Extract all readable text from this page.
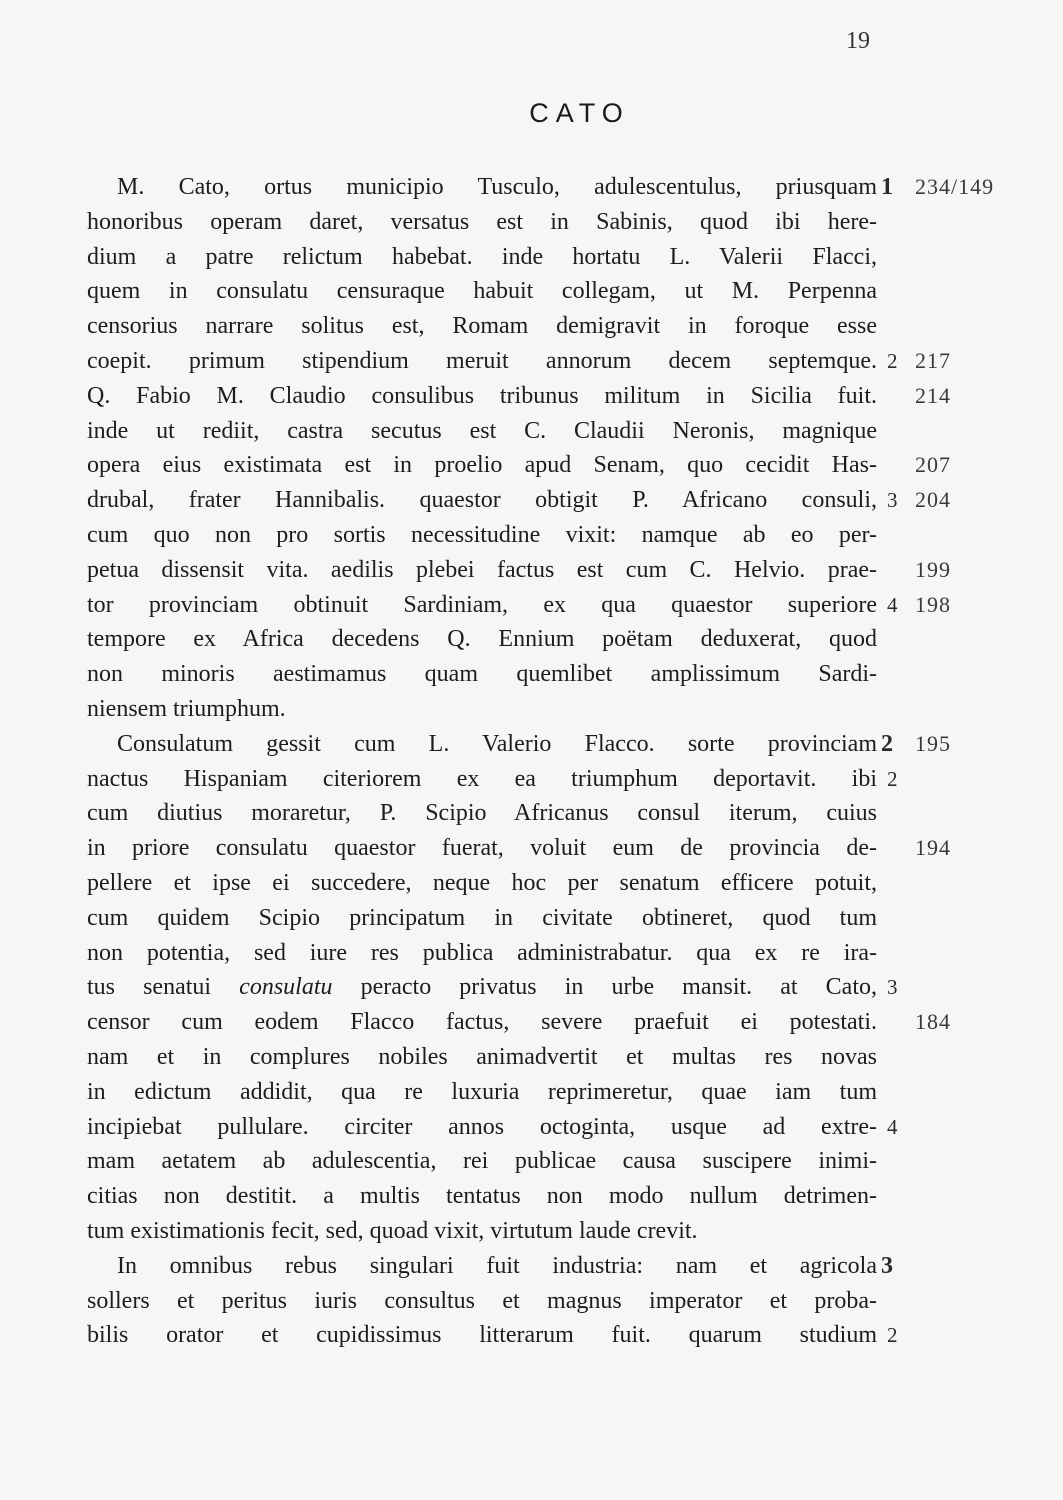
19
CATO
M. Cato, ortus municipio Tusculo, adulescentulus, priusquam 1 234/149
honoribus operam daret, versatus est in Sabinis, quod ibi here-
dium a patre relictum habebat. inde hortatu L. Valerii Flacci,
quem in consulatu censuraque habuit collegam, ut M. Perpenna
censorius narrare solitus est, Romam demigravit in foroque esse
coepit. primum stipendium meruit annorum decem septemque. 2 217
Q. Fabio M. Claudio consulibus tribunus militum in Sicilia fuit. 214
inde ut rediit, castra secutus est C. Claudii Neronis, magnique
opera eius existimata est in proelio apud Senam, quo cecidit Has- 207
drubal, frater Hannibalis. quaestor obtigit P. Africano consuli, 3 204
cum quo non pro sortis necessitudine vixit: namque ab eo per-
petua dissensit vita. aedilis plebei factus est cum C. Helvio. prae- 199
tor provinciam obtinuit Sardiniam, ex qua quaestor superiore 4 198
tempore ex Africa decedens Q. Ennium poëtam deduxerat, quod
non minoris aestimamus quam quemlibet amplissimum Sardi-
niensem triumphum.
Consulatum gessit cum L. Valerio Flacco. sorte provinciam 2 195
nactus Hispaniam citeriorem ex ea triumphum deportavit. ibi 2
cum diutius moraretur, P. Scipio Africanus consul iterum, cuius
in priore consulatu quaestor fuerat, voluit eum de provincia de- 194
pellere et ipse ei succedere, neque hoc per senatum efficere potuit,
cum quidem Scipio principatum in civitate obtineret, quod tum
non potentia, sed iure res publica administrabatur. qua ex re ira-
tus senatui consulatu peracto privatus in urbe mansit. at Cato, 3
censor cum eodem Flacco factus, severe praefuit ei potestati. 184
nam et in complures nobiles animadvertit et multas res novas
in edictum addidit, qua re luxuria reprimeretur, quae iam tum
incipiebat pullulare. circiter annos octoginta, usque ad extre- 4
mam aetatem ab adulescentia, rei publicae causa suscipere inimi-
citias non destitit. a multis tentatus non modo nullum detrimen-
tum existimationis fecit, sed, quoad vixit, virtutum laude crevit.
In omnibus rebus singulari fuit industria: nam et agricola 3
sollers et peritus iuris consultus et magnus imperator et proba-
bilis orator et cupidissimus litterarum fuit. quarum studium 2
